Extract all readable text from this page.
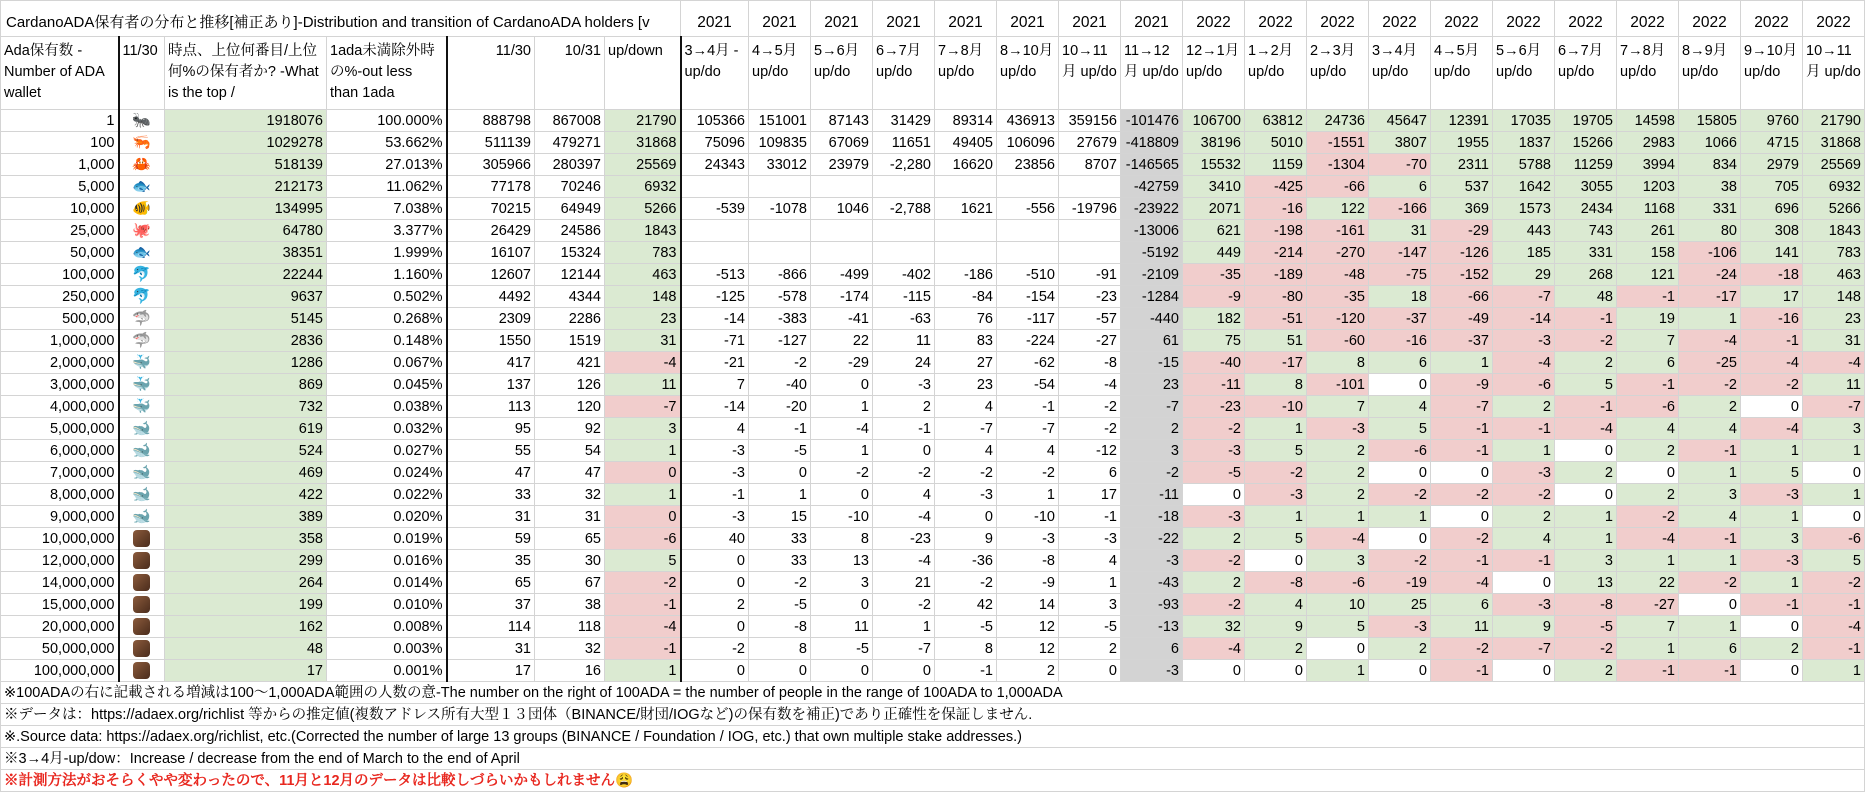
CardanoADA保有者の分布と推移[補正あり]-Distribution and transition of CardanoADA holders [v							2021	2021	2021	2021	2021	2021	2021	2021	2022	2022	2022	2022	2022	2022	2022	2022	2022	2022	2022
Ada保有数 -Number of ADA wallet	11/30	時点、上位何番目/上位何%の保有者か? -What is the top /	1ada未満除外時の%-out less than 1ada	11/30	10/31	up/down	3→4月 -up/do	4→5月 up/do	5→6月 up/do	6→7月 up/do	7→8月 up/do	8→10月 up/do	10→11月 up/do	11→12月 up/do	12→1月 up/do	1→2月 up/do	2→3月 up/do	3→4月 up/do	4→5月 up/do	5→6月 up/do	6→7月 up/do	7→8月 up/do	8→9月 up/do	9→10月 up/do	10→11月 up/do
1	🐜	1918076	100.000%	888798	867008	21790	105366	151001	87143	31429	89314	436913	359156	-101476	106700	63812	24736	45647	12391	17035	19705	14598	15805	9760	21790
100	🦐	1029278	53.662%	511139	479271	31868	75096	109835	67069	11651	49405	106096	27679	-418809	38196	5010	-1551	3807	1955	1837	15266	2983	1066	4715	31868
1,000	🦀	518139	27.013%	305966	280397	25569	24343	33012	23979	-2,280	16620	23856	8707	-146565	15532	1159	-1304	-70	2311	5788	11259	3994	834	2979	25569
5,000	🐟	212173	11.062%	77178	70246	6932								-42759	3410	-425	-66	6	537	1642	3055	1203	38	705	6932
10,000	🐠	134995	7.038%	70215	64949	5266	-539	-1078	1046	-2,788	1621	-556	-19796	-23922	2071	-16	122	-166	369	1573	2434	1168	331	696	5266
25,000	🐙	64780	3.377%	26429	24586	1843								-13006	621	-198	-161	31	-29	443	743	261	80	308	1843
50,000	🐟	38351	1.999%	16107	15324	783								-5192	449	-214	-270	-147	-126	185	331	158	-106	141	783
100,000	🐬	22244	1.160%	12607	12144	463	-513	-866	-499	-402	-186	-510	-91	-2109	-35	-189	-48	-75	-152	29	268	121	-24	-18	463
250,000	🐬	9637	0.502%	4492	4344	148	-125	-578	-174	-115	-84	-154	-23	-1284	-9	-80	-35	18	-66	-7	48	-1	-17	17	148
500,000	🦈	5145	0.268%	2309	2286	23	-14	-383	-41	-63	76	-117	-57	-440	182	-51	-120	-37	-49	-14	-1	19	1	-16	23
1,000,000	🦈	2836	0.148%	1550	1519	31	-71	-127	22	11	83	-224	-27	61	75	51	-60	-16	-37	-3	-2	7	-4	-1	31
2,000,000	🐳	1286	0.067%	417	421	-4	-21	-2	-29	24	27	-62	-8	-15	-40	-17	8	6	1	-4	2	6	-25	-4	-4
3,000,000	🐳	869	0.045%	137	126	11	7	-40	0	-3	23	-54	-4	23	-11	8	-101	0	-9	-6	5	-1	-2	-2	11
4,000,000	🐳	732	0.038%	113	120	-7	-14	-20	1	2	4	-1	-2	-7	-23	-10	7	4	-7	2	-1	-6	2	0	-7
5,000,000	🐋	619	0.032%	95	92	3	4	-1	-4	-1	-7	-7	-2	2	-2	1	-3	5	-1	-1	-4	4	4	-4	3
6,000,000	🐋	524	0.027%	55	54	1	-3	-5	1	0	4	4	-12	3	-3	5	2	-6	-1	1	0	2	-1	1	1
7,000,000	🐋	469	0.024%	47	47	0	-3	0	-2	-2	-2	-2	6	-2	-5	-2	2	0	0	-3	2	0	1	5	0
8,000,000	🐋	422	0.022%	33	32	1	-1	1	0	4	-3	1	17	-11	0	-3	2	-2	-2	-2	0	2	3	-3	1
9,000,000	🐋	389	0.020%	31	31	0	-3	15	-10	-4	0	-10	-1	-18	-3	1	1	1	0	2	1	-2	4	1	0
10,000,000		358	0.019%	59	65	-6	40	33	8	-23	9	-3	-3	-22	2	5	-4	0	-2	4	1	-4	-1	3	-6
12,000,000		299	0.016%	35	30	5	0	33	13	-4	-36	-8	4	-3	-2	0	3	-2	-1	-1	3	1	1	-3	5
14,000,000		264	0.014%	65	67	-2	0	-2	3	21	-2	-9	1	-43	2	-8	-6	-19	-4	0	13	22	-2	1	-2
15,000,000		199	0.010%	37	38	-1	2	-5	0	-2	42	14	3	-93	-2	4	10	25	6	-3	-8	-27	0	-1	-1
20,000,000		162	0.008%	114	118	-4	0	-8	11	1	-5	12	-5	-13	32	9	5	-3	11	9	-5	7	1	0	-4
50,000,000		48	0.003%	31	32	-1	-2	8	-5	-7	8	12	2	6	-4	2	0	2	-2	-7	-2	1	6	2	-1
100,000,000		17	0.001%	17	16	1	0	0	0	0	-1	2	0	-3	0	0	1	0	-1	0	2	-1	-1	0	1
※100ADAの右に記載される増減は100〜1,000ADA範囲の人数の意-The number on the right of 100ADA = the number of people in the range of 100ADA to 1,000ADA																									
※データは：https://adaex.org/richlist 等からの推定値(複数アドレス所有大型１３団体（BINANCE/財団/IOGなど)の保有数を補正)であり正確性を保証しません.																									
※.Source data: https://adaex.org/richlist, etc.(Corrected the number of large 13 groups (BINANCE / Foundation / IOG, etc.) that own multiple stake addresses.)																									
※3→4月-up/dow：Increase / decrease from the end of March to the end of April																									
※計測方法がおそらくやや変わったので、11月と12月のデータは比較しづらいかもしれません😩																									
